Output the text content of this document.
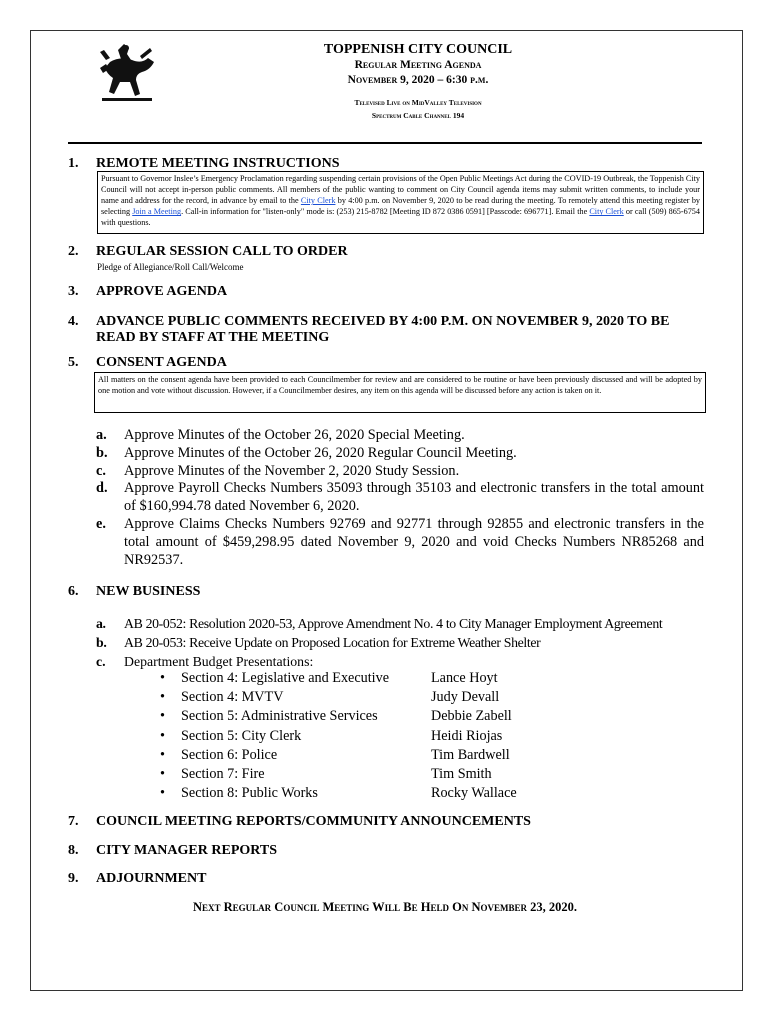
TOPPENISH CITY COUNCIL
Regular Meeting Agenda
November 9, 2020 – 6:30 p.m.
Televised Live on MidValley Television
Spectrum Cable Channel 194
1. REMOTE MEETING INSTRUCTIONS
Pursuant to Governor Inslee’s Emergency Proclamation regarding suspending certain provisions of the Open Public Meetings Act during the COVID-19 Outbreak, the Toppenish City Council will not accept in-person public comments. All members of the public wanting to comment on City Council agenda items may submit written comments, to include your name and address for the record, in advance by email to the City Clerk by 4:00 p.m. on November 9, 2020 to be read during the meeting. To remotely attend this meeting register by selecting Join a Meeting. Call-in information for "listen-only" mode is: (253) 215-8782 [Meeting ID 872 0386 0591] [Passcode: 696771]. Email the City Clerk or call (509) 865-6754 with questions.
2. REGULAR SESSION CALL TO ORDER
Pledge of Allegiance/Roll Call/Welcome
3. APPROVE AGENDA
4. ADVANCE PUBLIC COMMENTS RECEIVED BY 4:00 P.M. ON NOVEMBER 9, 2020 TO BE READ BY STAFF AT THE MEETING
5. CONSENT AGENDA
All matters on the consent agenda have been provided to each Councilmember for review and are considered to be routine or have been previously discussed and will be adopted by one motion and vote without discussion. However, if a Councilmember desires, any item on this agenda will be discussed before any action is taken on it.
a. Approve Minutes of the October 26, 2020 Special Meeting.
b. Approve Minutes of the October 26, 2020 Regular Council Meeting.
c. Approve Minutes of the November 2, 2020 Study Session.
d. Approve Payroll Checks Numbers 35093 through 35103 and electronic transfers in the total amount of $160,994.78 dated November 6, 2020.
e. Approve Claims Checks Numbers 92769 and 92771 through 92855 and electronic transfers in the total amount of $459,298.95 dated November 9, 2020 and void Checks Numbers NR85268 and NR92537.
6. NEW BUSINESS
a. AB 20-052: Resolution 2020-53, Approve Amendment No. 4 to City Manager Employment Agreement
b. AB 20-053: Receive Update on Proposed Location for Extreme Weather Shelter
c. Department Budget Presentations:
• Section 4: Legislative and Executive	Lance Hoyt
• Section 4: MVTV	Judy Devall
• Section 5: Administrative Services	Debbie Zabell
• Section 5: City Clerk	Heidi Riojas
• Section 6: Police	Tim Bardwell
• Section 7: Fire	Tim Smith
• Section 8: Public Works	Rocky Wallace
7. COUNCIL MEETING REPORTS/COMMUNITY ANNOUNCEMENTS
8. CITY MANAGER REPORTS
9. ADJOURNMENT
Next Regular Council Meeting Will Be Held On November 23, 2020.
